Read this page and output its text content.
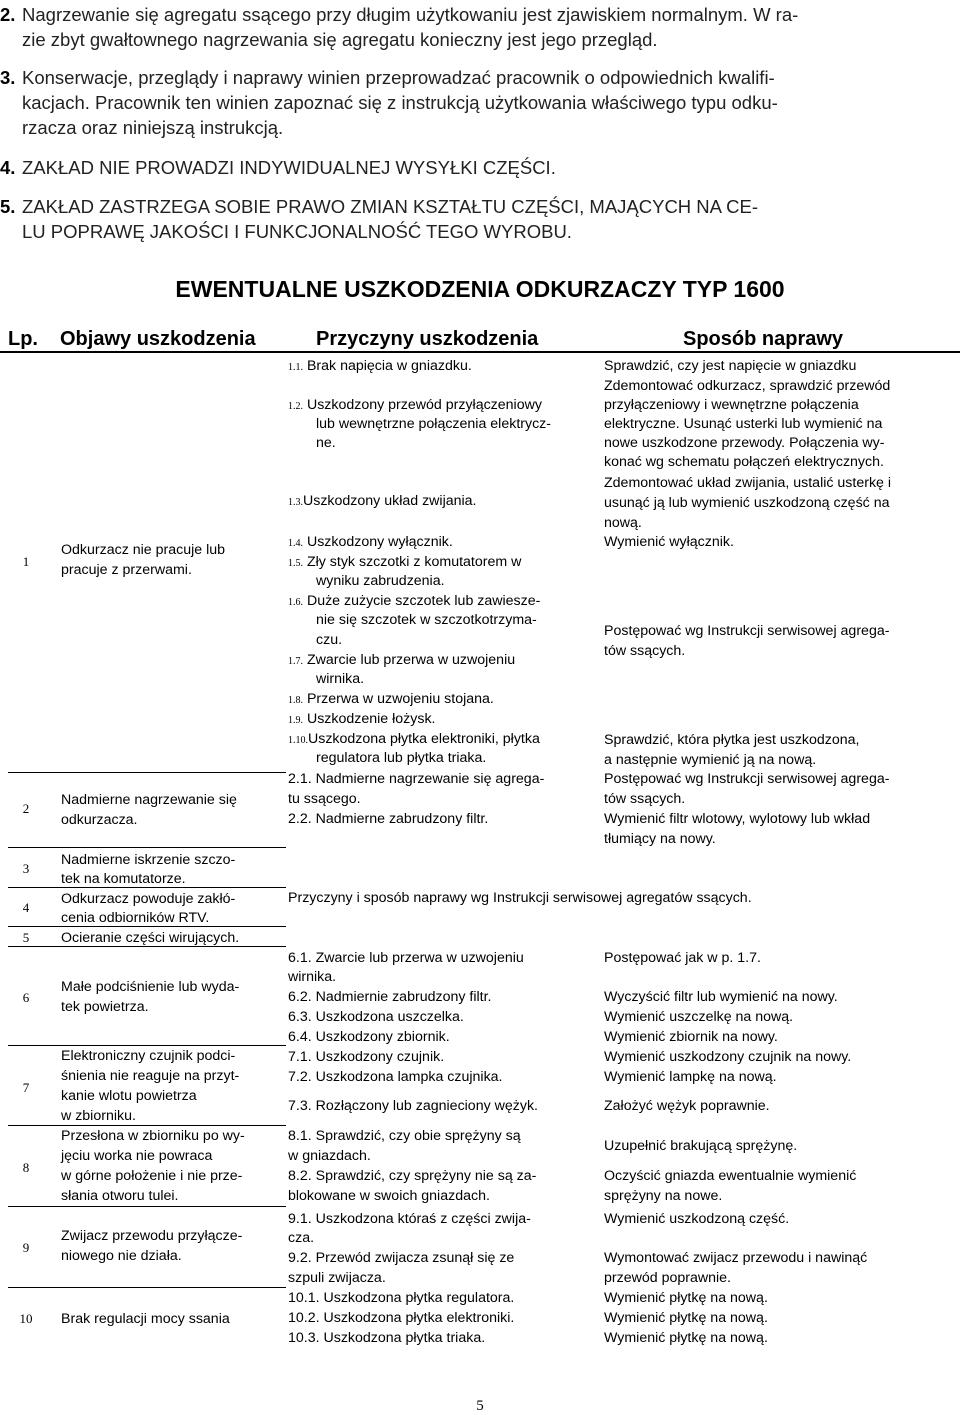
2. Nagrzewanie się agregatu ssącego przy długim użytkowaniu jest zjawiskiem normalnym. W ra-
zie zbyt gwałtownego nagrzewania się agregatu konieczny jest jego przegląd.
3. Konserwacje, przeglądy i naprawy winien przeprowadzać pracownik o odpowiednich kwalifi-
kacjach. Pracownik ten winien zapoznać się z instrukcją użytkowania właściwego typu odku-
rzacza oraz niniejszą instrukcją.
4. ZAKŁAD NIE PROWADZI INDYWIDUALNEJ WYSYŁKI CZĘŚCI.
5. ZAKŁAD ZASTRZEGA SOBIE PRAWO ZMIAN KSZTAŁTU CZĘŚCI, MAJĄCYCH NA CE-
LU POPRAWĘ JAKOŚCI I FUNKCJONALNOŚĆ TEGO WYROBU.
EWENTUALNE USZKODZENIA ODKURZACZY TYP 1600
Lp. Objawy uszkodzenia	Przyczyny uszkodzenia	Sposób naprawy
1
2
3
4
5
6
7
8
9
10
Odkurzacz nie pracuje lub
pracuje z przerwami.
Nadmierne nagrzewanie się
odkurzacza.
Nadmierne iskrzenie szczo-
tek na komutatorze.
Odkurzacz powoduje zakłó-
cenia odbiorników RTV.
Ocieranie części wirujących.
Małe podciśnienie lub wyda-
tek powietrza.
Elektroniczny czujnik podci-
śnienia nie reaguje na przyt-
kanie wlotu powietrza
w zbiorniku.
Przesłona w zbiorniku po wy-
jęciu worka nie powraca
w górne położenie i nie prze-
słania otworu tulei.
Zwijacz przewodu przyłącze-
niowego nie działa.
Brak regulacji mocy ssania
1.1. Brak napięcia w gniazdku.
1.2. Uszkodzony przewód przyłączeniowy
lub wewnętrzne połączenia elektrycz-
ne.
1.3.Uszkodzony układ zwijania.
1.4. Uszkodzony wyłącznik.
1.5. Zły styk szczotki z komutatorem w
wyniku zabrudzenia.
1.6. Duże zużycie szczotek lub zawiesze-
nie się szczotek w szczotkotrzyma-
czu.
1.7. Zwarcie lub przerwa w uzwojeniu
wirnika.
1.8. Przerwa w uzwojeniu stojana.
1.9. Uszkodzenie łożysk.
1.10.Uszkodzona płytka elektroniki, płytka
regulatora lub płytka triaka.
2.1. Nadmierne nagrzewanie się agrega-
tu ssącego.
2.2. Nadmierne zabrudzony filtr.
Przyczyny i sposób naprawy wg Instrukcji serwisowej agregatów ssących.
6.1. Zwarcie lub przerwa w uzwojeniu
wirnika.
6.2. Nadmiernie zabrudzony filtr.
6.3. Uszkodzona uszczelka.
6.4. Uszkodzony zbiornik.
7.1. Uszkodzony czujnik.
7.2. Uszkodzona lampka czujnika.
7.3. Rozłączony lub zagnieciony wężyk.
8.1. Sprawdzić, czy obie sprężyny są
w gniazdach.
8.2. Sprawdzić, czy sprężyny nie są za-
blokowane w swoich gniazdach.
9.1. Uszkodzona któraś z części zwija-
cza.
9.2. Przewód zwijacza zsunął się ze
szpuli zwijacza.
10.1. Uszkodzona płytka regulatora.
10.2. Uszkodzona płytka elektroniki.
10.3. Uszkodzona płytka triaka.
Sprawdzić, czy jest napięcie w gniazdku
Zdemontować odkurzacz, sprawdzić przewód
przyłączeniowy i wewnętrzne połączenia
elektryczne. Usunąć usterki lub wymienić na
nowe uszkodzone przewody. Połączenia wy-
konać wg schematu połączeń elektrycznych.
Zdemontować układ zwijania, ustalić usterkę i
usunąć ją lub wymienić uszkodzoną część na
nową.
Wymienić wyłącznik.
Postępować wg Instrukcji serwisowej agrega-
tów ssących.
Sprawdzić, która płytka jest uszkodzona,
a następnie wymienić ją na nową.
Postępować wg Instrukcji serwisowej agrega-
tów ssących.
Wymienić filtr wlotowy, wylotowy lub wkład
tłumiący na nowy.
Postępować jak w p. 1.7.
Wyczyścić filtr lub wymienić na nowy.
Wymienić uszczelkę na nową.
Wymienić zbiornik na nowy.
Wymienić uszkodzony czujnik na nowy.
Wymienić lampkę na nową.
Założyć wężyk poprawnie.
Uzupełnić brakującą sprężynę.
Oczyścić gniazda ewentualnie wymienić
sprężyny na nowe.
Wymienić uszkodzoną część.
Wymontować zwijacz przewodu i nawinąć
przewód poprawnie.
Wymienić płytkę na nową.
Wymienić płytkę na nową.
Wymienić płytkę na nową.
5
